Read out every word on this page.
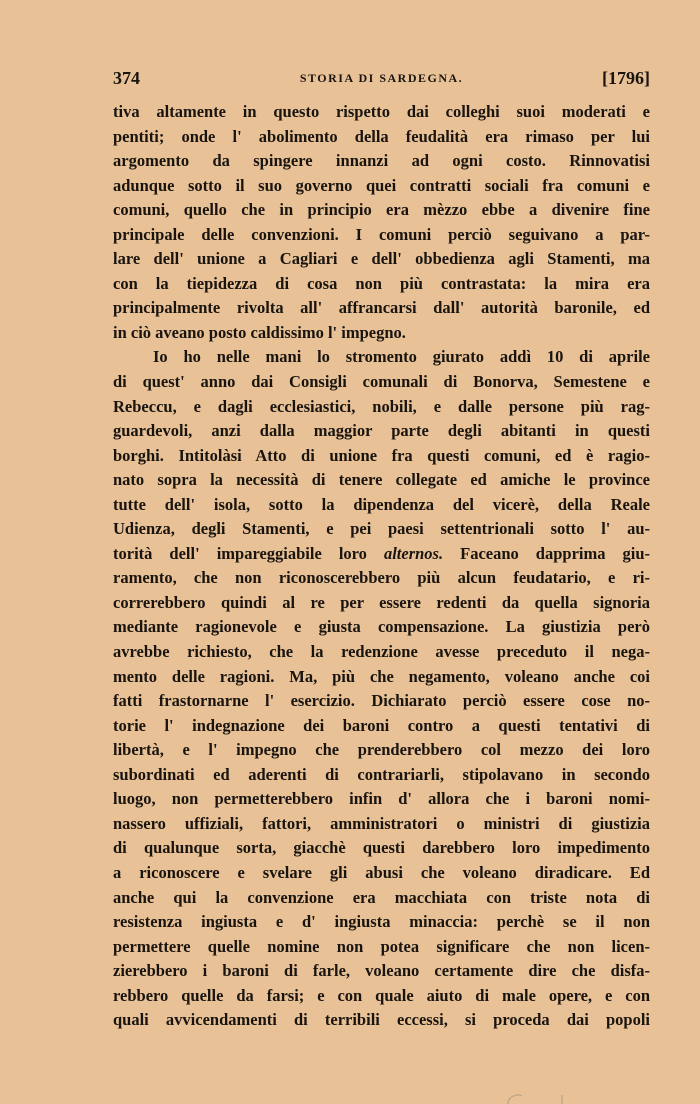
374	STORIA DI SARDEGNA.	[1796]
tiva altamente in questo rispetto dai colleghi suoi moderati e
pentiti; onde l' abolimento della feudalità era rimaso per lui
argomento da spingere innanzi ad ogni costo. Rinnovatisi
adunque sotto il suo governo quei contratti sociali fra comuni e
comuni, quello che in principio era mèzzo ebbe a divenire fine
principale delle convenzioni. I comuni perciò seguivano a par-
lare dell' unione a Cagliari e dell' obbedienza agli Stamenti, ma
con la tiepidezza di cosa non più contrastata: la mira era
principalmente rivolta all' affrancarsi dall' autorità baronile, ed
in ciò aveano posto caldissimo l' impegno.
Io ho nelle mani lo stromento giurato addì 10 di aprile
di quest' anno dai Consigli comunali di Bonorva, Semestene e
Rebeccu, e dagli ecclesiastici, nobili, e dalle persone più rag-
guardevoli, anzi dalla maggior parte degli abitanti in questi
borghi. Intitolàsi Atto di unione fra questi comuni, ed è ragio-
nato sopra la necessità di tenere collegate ed amiche le province
tutte dell' isola, sotto la dipendenza del vicerè, della Reale
Udienza, degli Stamenti, e pei paesi settentrionali sotto l' au-
torità dell' impareggiabile loro alternos. Faceano dapprima giu-
ramento, che non riconoscerebbero più alcun feudatario, e ri-
correrebbero quindi al re per essere redenti da quella signoria
mediante ragionevole e giusta compensazione. La giustizia però
avrebbe richiesto, che la redenzione avesse preceduto il nega-
mento delle ragioni. Ma, più che negamento, voleano anche coi
fatti frastornarne l' esercizio. Dichiarato perciò essere cose no-
torie l' indegnazione dei baroni contro a questi tentativi di
libertà, e l' impegno che prenderebbero col mezzo dei loro
subordinati ed aderenti di contrariarli, stipolavano in secondo
luogo, non permetterebbero infin d' allora che i baroni nomi-
nassero uffiziali, fattori, amministratori o ministri di giustizia
di qualunque sorta, giacchè questi darebbero loro impedimento
a riconoscere e svelare gli abusi che voleano diradicare. Ed
anche qui la convenzione era macchiata con triste nota di
resistenza ingiusta e d' ingiusta minaccia: perchè se il non
permettere quelle nomine non potea significare che non licen-
zierebbero i baroni di farle, voleano certamente dire che disfa-
rebbero quelle da farsi; e con quale aiuto di male opere, e con
quali avvicendamenti di terribili eccessi, si proceda dai popoli
